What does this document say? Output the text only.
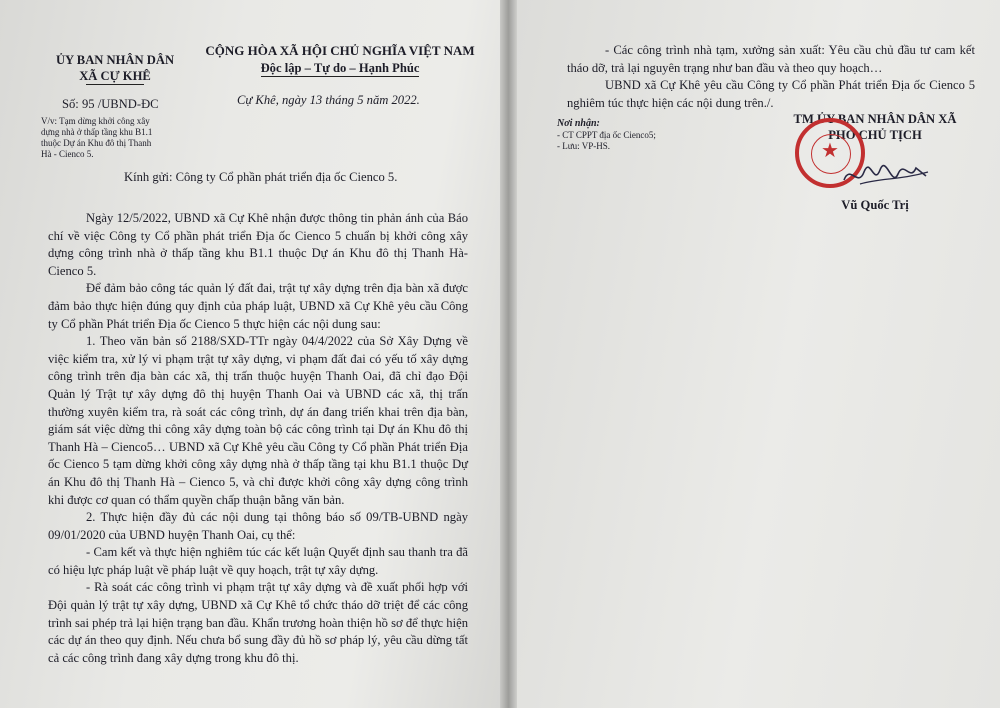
ỦY BAN NHÂN DÂN
XÃ CỰ KHÊ
CỘNG HÒA XÃ HỘI CHỦ NGHĨA VIỆT NAM
Độc lập – Tự do – Hạnh Phúc
Số: 95 /UBND-ĐC	Cự Khê, ngày 13 tháng 5 năm 2022.
V/v: Tạm dừng khởi công xây
dựng nhà ở thấp tầng khu B1.1
thuộc Dự án Khu đô thị Thanh
Hà - Cienco 5.
Kính gửi: Công ty Cổ phần phát triển địa ốc Cienco 5.

Ngày 12/5/2022, UBND xã Cự Khê nhận được thông tin phản ánh của Báo chí về việc Công ty Cổ phần phát triển Địa ốc Cienco 5 chuẩn bị khởi công xây dựng công trình nhà ở thấp tầng khu B1.1 thuộc Dự án Khu đô thị Thanh Hà-Cienco 5.

Để đảm bảo công tác quản lý đất đai, trật tự xây dựng trên địa bàn xã được đảm bảo thực hiện đúng quy định của pháp luật, UBND xã Cự Khê yêu cầu Công ty Cổ phần Phát triển Địa ốc Cienco 5 thực hiện các nội dung sau:

1. Theo văn bản số 2188/SXD-TTr ngày 04/4/2022 của Sở Xây Dựng về việc kiểm tra, xử lý vi phạm trật tự xây dựng, vi phạm đất đai có yếu tố xây dựng công trình trên địa bàn các xã, thị trấn thuộc huyện Thanh Oai, đã chỉ đạo Đội Quản lý Trật tự xây dựng đô thị huyện Thanh Oai và UBND các xã, thị trấn thường xuyên kiểm tra, rà soát các công trình, dự án đang triển khai trên địa bàn, giám sát việc dừng thi công xây dựng toàn bộ các công trình tại Dự án Khu đô thị Thanh Hà – Cienco5… UBND xã Cự Khê yêu cầu Công ty Cổ phần Phát triển Địa ốc Cienco 5 tạm dừng khởi công xây dựng nhà ở thấp tầng tại khu B1.1 thuộc Dự án Khu đô thị Thanh Hà – Cienco 5, và chỉ được khởi công xây dựng công trình khi được cơ quan có thẩm quyền chấp thuận bằng văn bản.

2. Thực hiện đầy đủ các nội dung tại thông báo số 09/TB-UBND ngày 09/01/2020 của UBND huyện Thanh Oai, cụ thể:

- Cam kết và thực hiện nghiêm túc các kết luận Quyết định sau thanh tra đã có hiệu lực pháp luật về pháp luật về quy hoạch, trật tự xây dựng.

- Rà soát các công trình vi phạm trật tự xây dựng và đề xuất phối hợp với Đội quản lý trật tự xây dựng, UBND xã Cự Khê tổ chức tháo dỡ triệt để các công trình sai phép trả lại hiện trạng ban đầu. Khẩn trương hoàn thiện hồ sơ để thực hiện các dự án theo quy định. Nếu chưa bổ sung đầy đủ hồ sơ pháp lý, yêu cầu dừng tất cả các công trình đang xây dựng trong khu đô thị.

- Các công trình nhà tạm, xưởng sản xuất: Yêu cầu chủ đầu tư cam kết tháo dỡ, trả lại nguyên trạng như ban đầu và theo quy hoạch…

UBND xã Cự Khê yêu cầu Công ty Cổ phần Phát triển Địa ốc Cienco 5 nghiêm túc thực hiện các nội dung trên./.

Nơi nhận:
- CT CPPT địa ốc Cienco5;
- Lưu: VP-HS.
TM.ỦY BAN NHÂN DÂN XÃ
PHÓ CHỦ TỊCH
Vũ Quốc Trị
★
